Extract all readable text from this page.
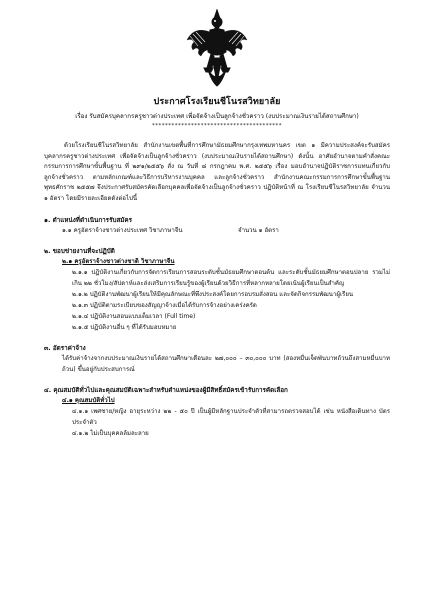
ประกาศโรงเรียนชีโนรสวิทยาลัย
เรื่อง รับสมัครบุคลากรครูชาวต่างประเทศ เพื่อจัดจ้างเป็นลูกจ้างชั่วคราว (งบประมาณเงินรายได้สถานศึกษา)
****************************************
ด้วยโรงเรียนชีโนรสวิทยาลัย สำนักงานเขตพื้นที่การศึกษามัธยมศึกษากรุงเทพมหานคร เขต ๑ มีความประสงค์จะรับสมัครบุคลากรครูชาวต่างประเทศ เพื่อจัดจ้างเป็นลูกจ้างชั่วคราว (งบประมาณเงินรายได้สถานศึกษา) ดังนั้น อาศัยอำนาจตามคำสั่งคณะกรรมการการศึกษาขั้นพื้นฐาน ที่ ๒๙๑/๒๕๕๖ สั่ง ณ วันที่ ๘ กรกฎาคม พ.ศ. ๒๕๕๖ เรื่อง มอบอำนาจปฏิบัติราชการแทนเกี่ยวกับลูกจ้างชั่วคราว ตามหลักเกณฑ์และวิธีการบริหารงานบุคคล และลูกจ้างชั่วคราว สำนักงานคณะกรรมการการศึกษาขั้นพื้นฐาน พุทธศักราช ๒๕๕๗ จึงประกาศรับสมัครคัดเลือกบุคคลเพื่อจัดจ้างเป็นลูกจ้างชั่วคราว ปฏิบัติหน้าที่ ณ โรงเรียนชีโนรสวิทยาลัย จำนวน ๑ อัตรา โดยมีรายละเอียดดังต่อไปนี้
๑. ตำแหน่งที่ดำเนินการรับสมัคร
๑.๑ ครูอัตราจ้างชาวต่างประเทศ วิชาภาษาจีน	จำนวน ๑ อัตรา
๒. ขอบข่ายงานที่จะปฏิบัติ
๒.๑ ครูอัตราจ้างชาวต่างชาติ วิชาภาษาจีน
๒.๑.๑ ปฏิบัติงานเกี่ยวกับการจัดการเรียนการสอนระดับชั้นมัธยมศึกษาตอนต้น และระดับชั้นมัธยมศึกษาตอนปลาย รวมไม่เกิน ๒๒ ชั่วโมง/สัปดาห์และส่งเสริมการเรียนรู้ของผู้เรียนด้วยวิธีการที่หลากหลายโดยเน้นผู้เรียนเป็นสำคัญ
๒.๑.๒ ปฏิบัติงานพัฒนาผู้เรียนให้มีคุณลักษณะที่พึงประสงค์โดยการอบรมสั่งสอน และจัดกิจกรรมพัฒนาผู้เรียน
๒.๑.๓ ปฏิบัติตามระเบียบของสัญญาจ้างเมื่อได้รับการจ้างอย่างเคร่งครัด
๒.๑.๔ ปฏิบัติงานสอนแบบเต็มเวลา (Full time)
๒.๑.๕ ปฏิบัติงานอื่น ๆ ที่ได้รับมอบหมาย
๓. อัตราค่าจ้าง
ได้รับค่าจ้างจากงบประมาณเงินรายได้สถานศึกษาเดือนละ ๒๗,๐๐๐ – ๓๐,๐๐๐ บาท (สองหมื่นเจ็ดพันบาทถ้วนถึงสามหมื่นบาทถ้วน) ขึ้นอยู่กับประสบการณ์
๔. คุณสมบัติทั่วไปและคุณสมบัติเฉพาะสำหรับตำแหน่งของผู้มีสิทธิ์สมัครเข้ารับการคัดเลือก
๔.๑ คุณสมบัติทั่วไป
๔.๑.๑ เพศชาย/หญิง อายุระหว่าง ๒๒ - ๕๐ ปี เป็นผู้มีหลักฐานประจำตัวที่สามารถตรวจสอบได้ เช่น หนังสือเดินทาง บัตรประจำตัว
๔.๑.๒ ไม่เป็นบุคคลล้มละลาย
